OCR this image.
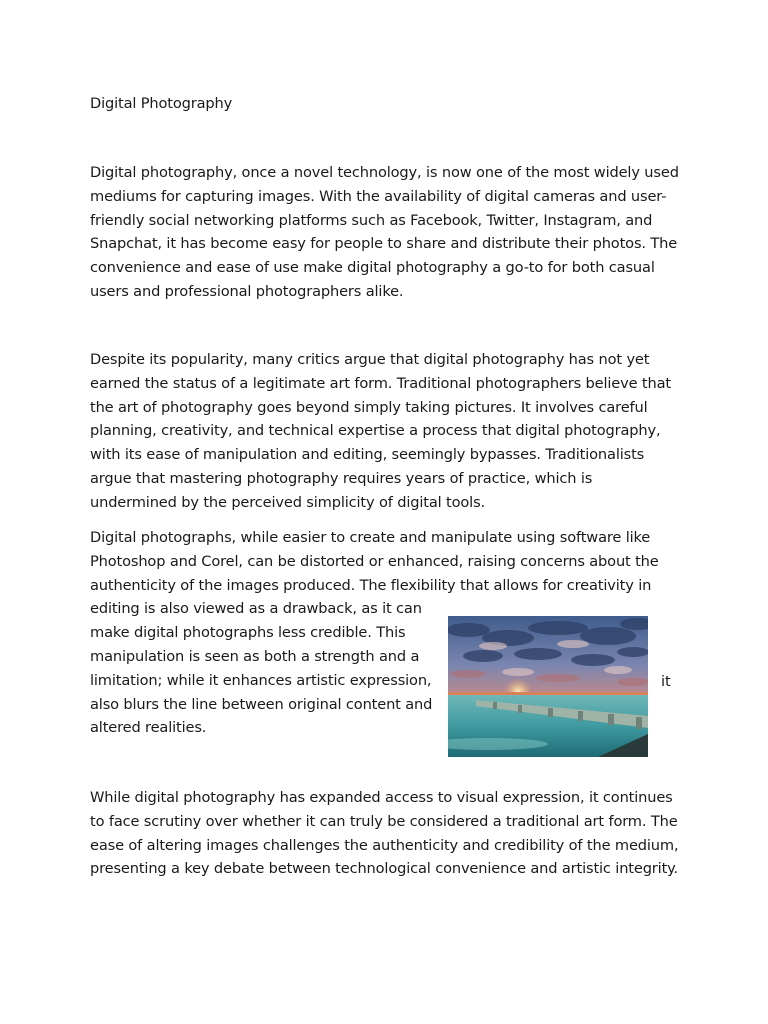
Digital Photography

Digital photography, once a novel technology, is now one of the most widely used
mediums for capturing images. With the availability of digital cameras and user-
friendly social networking platforms such as Facebook, Twitter, Instagram, and
Snapchat, it has become easy for people to share and distribute their photos. The
convenience and ease of use make digital photography a go-to for both casual
users and professional photographers alike.
Despite its popularity, many critics argue that digital photography has not yet
earned the status of a legitimate art form. Traditional photographers believe that
the art of photography goes beyond simply taking pictures. It involves careful
planning, creativity, and technical expertise a process that digital photography,
with its ease of manipulation and editing, seemingly bypasses. Traditionalists
argue that mastering photography requires years of practice, which is
undermined by the perceived simplicity of digital tools.
Digital photographs, while easier to create and manipulate using software like
Photoshop and Corel, can be distorted or enhanced, raising concerns about the
authenticity of the images produced. The flexibility that allows for creativity in
editing is also viewed as a drawback, as it can
make digital photographs less credible. This
manipulation is seen as both a strength and a
limitation; while it enhances artistic expression,
also blurs the line between original content and
altered realities.

it

While digital photography has expanded access to visual expression, it continues
to face scrutiny over whether it can truly be considered a traditional art form. The
ease of altering images challenges the authenticity and credibility of the medium,
presenting a key debate between technological convenience and artistic integrity.
